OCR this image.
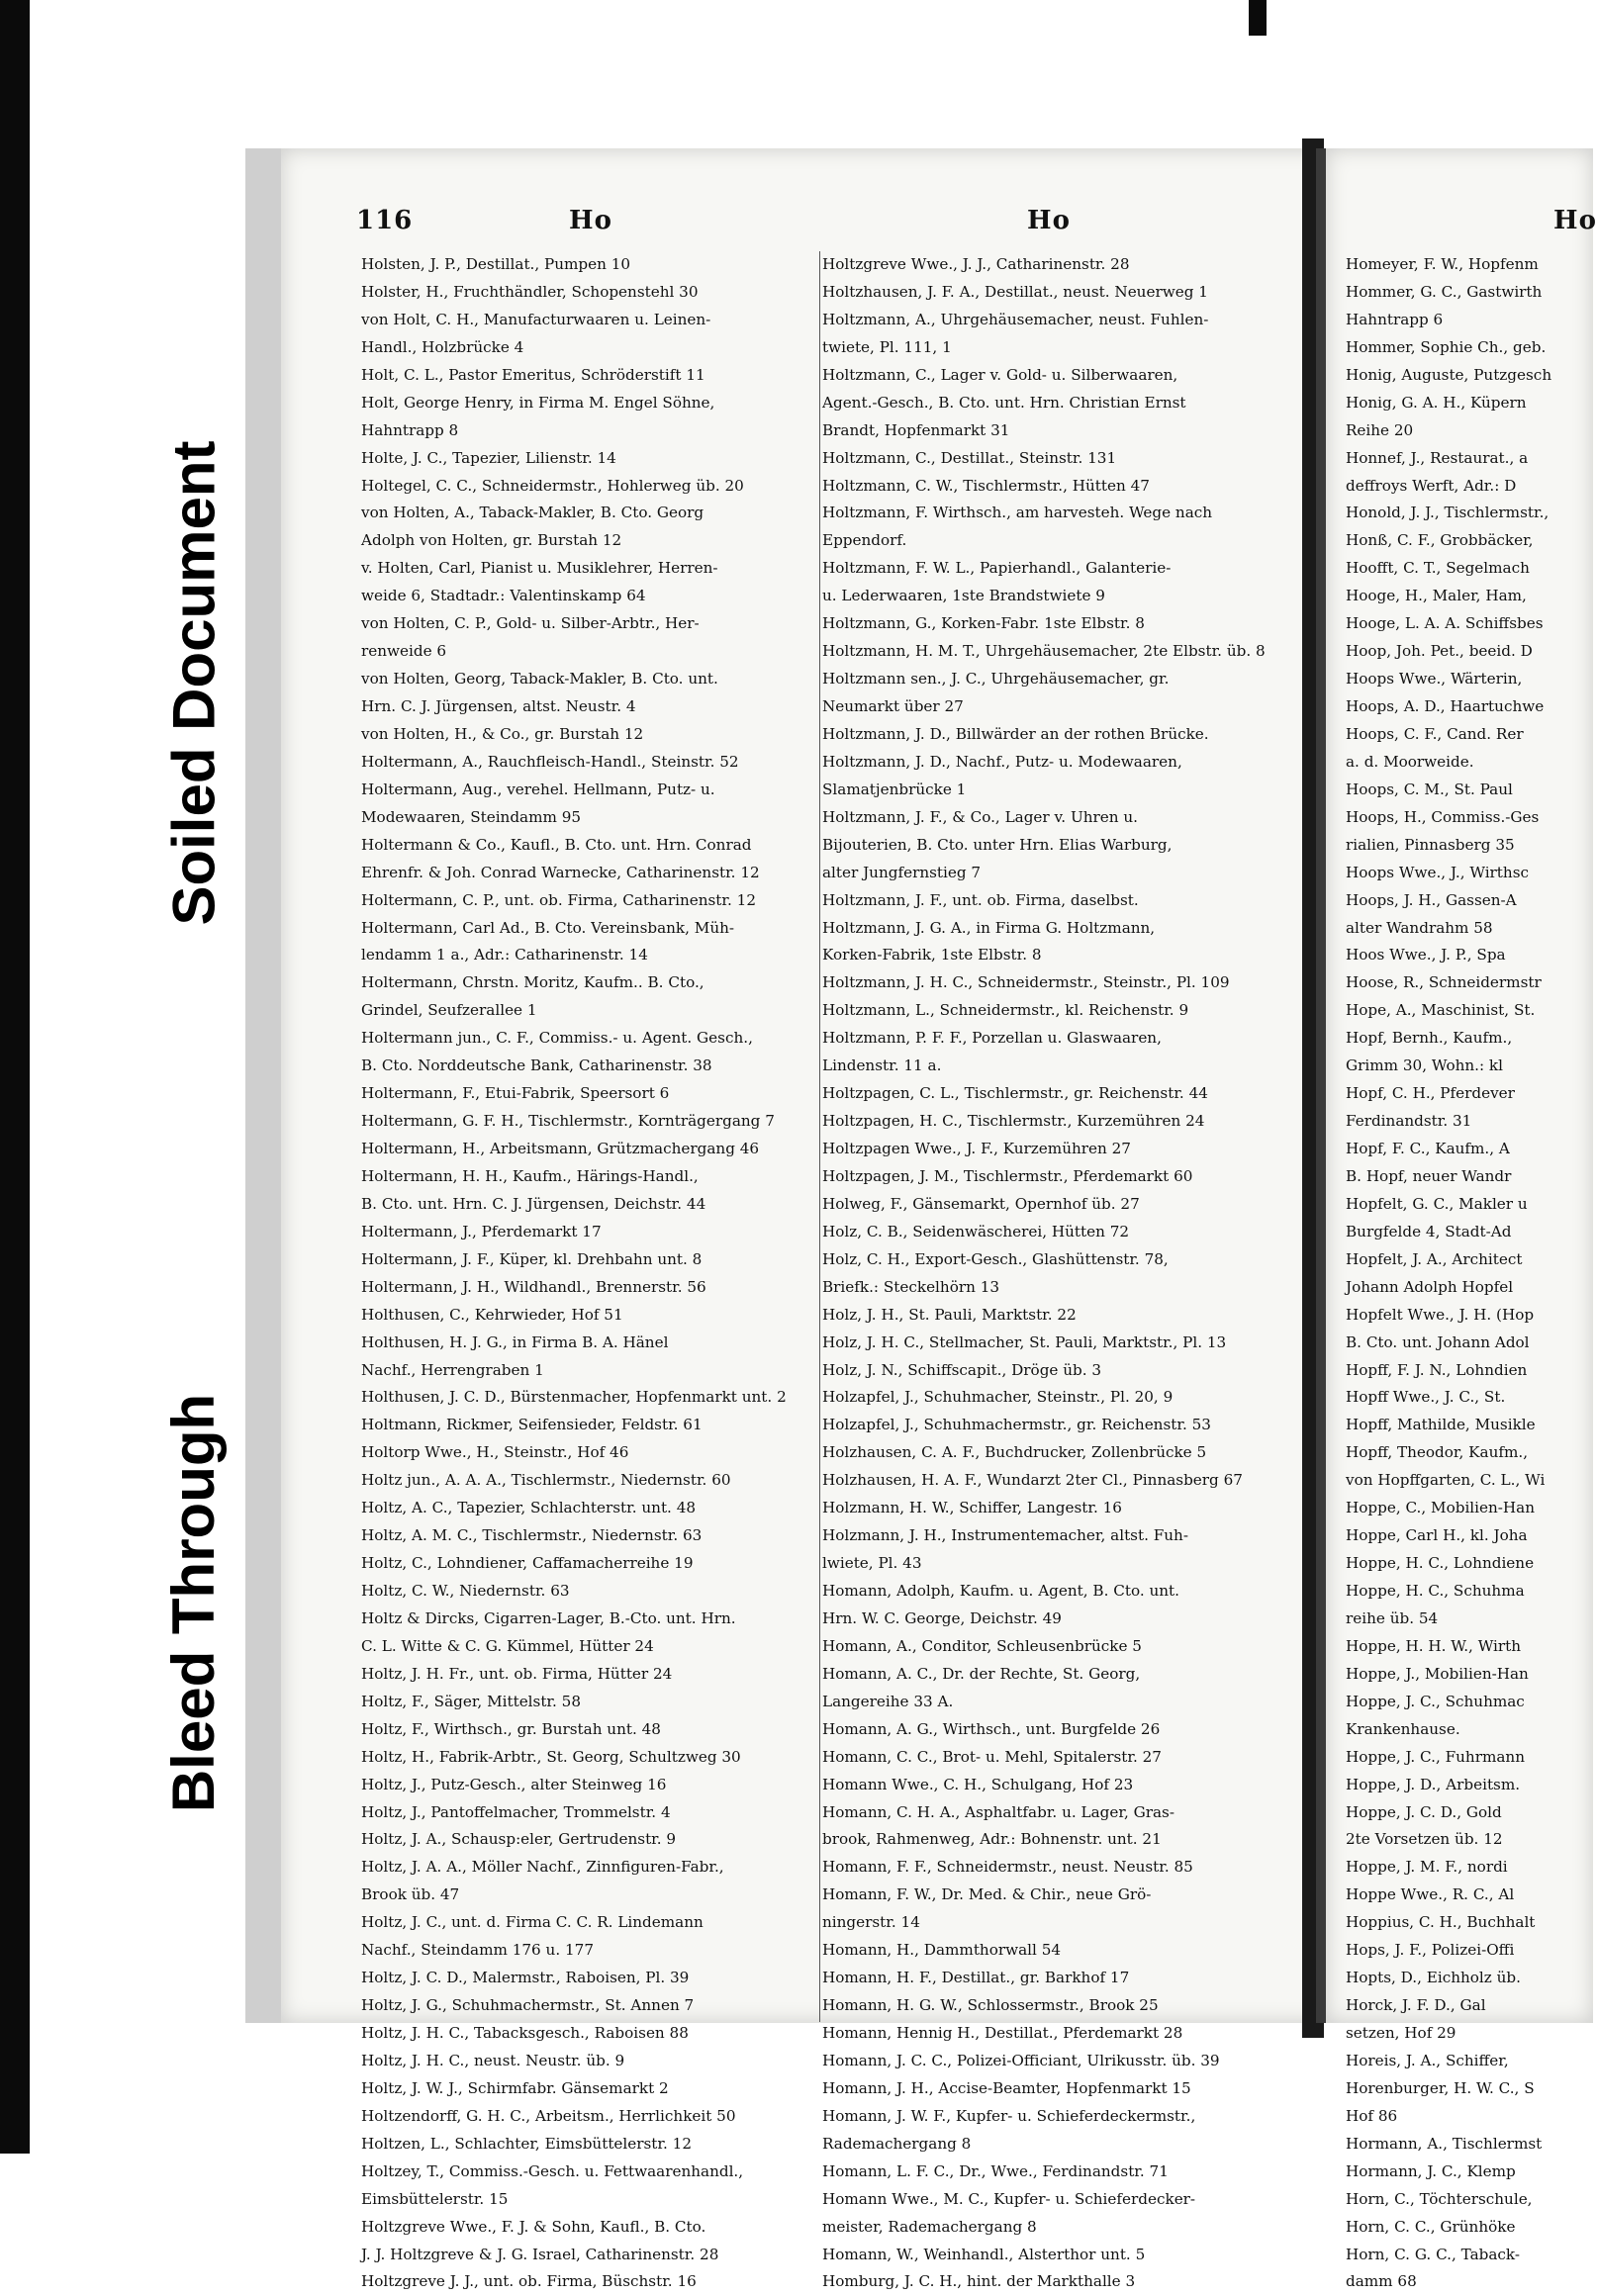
116	Ho	Ho	Ho
Holsten, J. P., Destillat., Pumpen 10
Holster, H., Fruchthändler, Schopenstehl 30
von Holt, C. H., Manufacturwaaren u. Leinen-
Handl., Holzbrücke 4
Holt, C. L., Pastor Emeritus, Schröderstift 11
Holt, George Henry, in Firma M. Engel Söhne,
Hahntrapp 8
Holte, J. C., Tapezier, Lilienstr. 14
Holtegel, C. C., Schneidermstr., Hohlerweg üb. 20
von Holten, A., Taback-Makler, B. Cto. Georg
Adolph von Holten, gr. Burstah 12
v. Holten, Carl, Pianist u. Musiklehrer, Herren-
weide 6, Stadtadr.: Valentinskamp 64
von Holten, C. P., Gold- u. Silber-Arbtr., Her-
renweide 6
von Holten, Georg, Taback-Makler, B. Cto. unt.
Hrn. C. J. Jürgensen, altst. Neustr. 4
von Holten, H., & Co., gr. Burstah 12
Holtermann, A., Rauchfleisch-Handl., Steinstr. 52
Holtermann, Aug., verehel. Hellmann, Putz- u.
Modewaaren, Steindamm 95
Holtermann & Co., Kaufl., B. Cto. unt. Hrn. Conrad
Ehrenfr. & Joh. Conrad Warnecke, Catharinenstr. 12
Holtermann, C. P., unt. ob. Firma, Catharinenstr. 12
Holtermann, Carl Ad., B. Cto. Vereinsbank, Müh-
lendamm 1 a., Adr.: Catharinenstr. 14
Holtermann, Chrstn. Moritz, Kaufm.. B. Cto.,
Grindel, Seufzerallee 1
Holtermann jun., C. F., Commiss.- u. Agent. Gesch.,
B. Cto. Norddeutsche Bank, Catharinenstr. 38
Holtermann, F., Etui-Fabrik, Speersort 6
Holtermann, G. F. H., Tischlermstr., Kornträgergang 7
Holtermann, H., Arbeitsmann, Grützmachergang 46
Holtermann, H. H., Kaufm., Härings-Handl.,
B. Cto. unt. Hrn. C. J. Jürgensen, Deichstr. 44
Holtermann, J., Pferdemarkt 17
Holtermann, J. F., Küper, kl. Drehbahn unt. 8
Holtermann, J. H., Wildhandl., Brennerstr. 56
Holthusen, C., Kehrwieder, Hof 51
Holthusen, H. J. G., in Firma B. A. Hänel
Nachf., Herrengraben 1
Holthusen, J. C. D., Bürstenmacher, Hopfenmarkt unt. 2
Holtmann, Rickmer, Seifensieder, Feldstr. 61
Holtorp Wwe., H., Steinstr., Hof 46
Holtz jun., A. A. A., Tischlermstr., Niedernstr. 60
Holtz, A. C., Tapezier, Schlachterstr. unt. 48
Holtz, A. M. C., Tischlermstr., Niedernstr. 63
Holtz, C., Lohndiener, Caffamacherreihe 19
Holtz, C. W., Niedernstr. 63
Holtz & Dircks, Cigarren-Lager, B.-Cto. unt. Hrn.
C. L. Witte & C. G. Kümmel, Hütter 24
Holtz, J. H. Fr., unt. ob. Firma, Hütter 24
Holtz, F., Säger, Mittelstr. 58
Holtz, F., Wirthsch., gr. Burstah unt. 48
Holtz, H., Fabrik-Arbtr., St. Georg, Schultzweg 30
Holtz, J., Putz-Gesch., alter Steinweg 16
Holtz, J., Pantoffelmacher, Trommelstr. 4
Holtz, J. A., Schausp:eler, Gertrudenstr. 9
Holtz, J. A. A., Möller Nachf., Zinnfiguren-Fabr.,
Brook üb. 47
Holtz, J. C., unt. d. Firma C. C. R. Lindemann
Nachf., Steindamm 176 u. 177
Holtz, J. C. D., Malermstr., Raboisen, Pl. 39
Holtz, J. G., Schuhmachermstr., St. Annen 7
Holtz, J. H. C., Tabacksgesch., Raboisen 88
Holtz, J. H. C., neust. Neustr. üb. 9
Holtz, J. W. J., Schirmfabr. Gänsemarkt 2
Holtzendorff, G. H. C., Arbeitsm., Herrlichkeit 50
Holtzen, L., Schlachter, Eimsbüttelerstr. 12
Holtzey, T., Commiss.-Gesch. u. Fettwaarenhandl.,
Eimsbüttelerstr. 15
Holtzgreve Wwe., F. J. & Sohn, Kaufl., B. Cto.
J. J. Holtzgreve & J. G. Israel, Catharinenstr. 28
Holtzgreve J. J., unt. ob. Firma, Büschstr. 16
Holtzgreve Wwe., J. J., Catharinenstr. 28
Holtzhausen, J. F. A., Destillat., neust. Neuerweg 1
Holtzmann, A., Uhrgehäusemacher, neust. Fuhlen-
twiete, Pl. 111, 1
Holtzmann, C., Lager v. Gold- u. Silberwaaren,
Agent.-Gesch., B. Cto. unt. Hrn. Christian Ernst
Brandt, Hopfenmarkt 31
Holtzmann, C., Destillat., Steinstr. 131
Holtzmann, C. W., Tischlermstr., Hütten 47
Holtzmann, F. Wirthsch., am harvesteh. Wege nach
Eppendorf.
Holtzmann, F. W. L., Papierhandl., Galanterie-
u. Lederwaaren, 1ste Brandstwiete 9
Holtzmann, G., Korken-Fabr. 1ste Elbstr. 8
Holtzmann, H. M. T., Uhrgehäusemacher, 2te Elbstr. üb. 8
Holtzmann sen., J. C., Uhrgehäusemacher, gr.
Neumarkt über 27
Holtzmann, J. D., Billwärder an der rothen Brücke.
Holtzmann, J. D., Nachf., Putz- u. Modewaaren,
Slamatjenbrücke 1
Holtzmann, J. F., & Co., Lager v. Uhren u.
Bijouterien, B. Cto. unter Hrn. Elias Warburg,
alter Jungfernstieg 7
Holtzmann, J. F., unt. ob. Firma, daselbst.
Holtzmann, J. G. A., in Firma G. Holtzmann,
Korken-Fabrik, 1ste Elbstr. 8
Holtzmann, J. H. C., Schneidermstr., Steinstr., Pl. 109
Holtzmann, L., Schneidermstr., kl. Reichenstr. 9
Holtzmann, P. F. F., Porzellan u. Glaswaaren,
Lindenstr. 11 a.
Holtzpagen, C. L., Tischlermstr., gr. Reichenstr. 44
Holtzpagen, H. C., Tischlermstr., Kurzemühren 24
Holtzpagen Wwe., J. F., Kurzemühren 27
Holtzpagen, J. M., Tischlermstr., Pferdemarkt 60
Holweg, F., Gänsemarkt, Opernhof üb. 27
Holz, C. B., Seidenwäscherei, Hütten 72
Holz, C. H., Export-Gesch., Glashüttenstr. 78,
Briefk.: Steckelhörn 13
Holz, J. H., St. Pauli, Marktstr. 22
Holz, J. H. C., Stellmacher, St. Pauli, Marktstr., Pl. 13
Holz, J. N., Schiffscapit., Dröge üb. 3
Holzapfel, J., Schuhmacher, Steinstr., Pl. 20, 9
Holzapfel, J., Schuhmachermstr., gr. Reichenstr. 53
Holzhausen, C. A. F., Buchdrucker, Zollenbrücke 5
Holzhausen, H. A. F., Wundarzt 2ter Cl., Pinnasberg 67
Holzmann, H. W., Schiffer, Langestr. 16
Holzmann, J. H., Instrumentemacher, altst. Fuh-
lwiete, Pl. 43
Homann, Adolph, Kaufm. u. Agent, B. Cto. unt.
Hrn. W. C. George, Deichstr. 49
Homann, A., Conditor, Schleusenbrücke 5
Homann, A. C., Dr. der Rechte, St. Georg,
Langereihe 33 A.
Homann, A. G., Wirthsch., unt. Burgfelde 26
Homann, C. C., Brot- u. Mehl, Spitalerstr. 27
Homann Wwe., C. H., Schulgang, Hof 23
Homann, C. H. A., Asphaltfabr. u. Lager, Gras-
brook, Rahmenweg, Adr.: Bohnenstr. unt. 21
Homann, F. F., Schneidermstr., neust. Neustr. 85
Homann, F. W., Dr. Med. & Chir., neue Grö-
ningerstr. 14
Homann, H., Dammthorwall 54
Homann, H. F., Destillat., gr. Barkhof 17
Homann, H. G. W., Schlossermstr., Brook 25
Homann, Hennig H., Destillat., Pferdemarkt 28
Homann, J. C. C., Polizei-Officiant, Ulrikusstr. üb. 39
Homann, J. H., Accise-Beamter, Hopfenmarkt 15
Homann, J. W. F., Kupfer- u. Schieferdeckermstr.,
Rademachergang 8
Homann, L. F. C., Dr., Wwe., Ferdinandstr. 71
Homann Wwe., M. C., Kupfer- u. Schieferdecker-
meister, Rademachergang 8
Homann, W., Weinhandl., Alsterthor unt. 5
Homburg, J. C. H., hint. der Markthalle 3
Homeyer, F. W., Hopfenm
Hommer, G. C., Gastwirth
Hahntrapp 6
Hommer, Sophie Ch., geb.
Honig, Auguste, Putzgesch
Honig, G. A. H., Küpern
Reihe 20
Honnef, J., Restaurat., a
deffroys Werft, Adr.: D
Honold, J. J., Tischlermstr.,
Honß, C. F., Grobbäcker,
Hoofft, C. T., Segelmach
Hooge, H., Maler, Ham,
Hooge, L. A. A. Schiffsbes
Hoop, Joh. Pet., beeid. D
Hoops Wwe., Wärterin,
Hoops, A. D., Haartuchwe
Hoops, C. F., Cand. Rer
a. d. Moorweide.
Hoops, C. M., St. Paul
Hoops, H., Commiss.-Ges
rialien, Pinnasberg 35
Hoops Wwe., J., Wirthsc
Hoops, J. H., Gassen-A
alter Wandrahm 58
Hoos Wwe., J. P., Spa
Hoose, R., Schneidermstr
Hope, A., Maschinist, St.
Hopf, Bernh., Kaufm.,
Grimm 30, Wohn.: kl
Hopf, C. H., Pferdever
Ferdinandstr. 31
Hopf, F. C., Kaufm., A
B. Hopf, neuer Wandr
Hopfelt, G. C., Makler u
Burgfelde 4, Stadt-Ad
Hopfelt, J. A., Architect
Johann Adolph Hopfel
Hopfelt Wwe., J. H. (Hop
B. Cto. unt. Johann Adol
Hopff, F. J. N., Lohndien
Hopff Wwe., J. C., St.
Hopff, Mathilde, Musikle
Hopff, Theodor, Kaufm.,
von Hopffgarten, C. L., Wi
Hoppe, C., Mobilien-Han
Hoppe, Carl H., kl. Joha
Hoppe, H. C., Lohndiene
Hoppe, H. C., Schuhma
reihe üb. 54
Hoppe, H. H. W., Wirth
Hoppe, J., Mobilien-Han
Hoppe, J. C., Schuhmac
Krankenhause.
Hoppe, J. C., Fuhrmann
Hoppe, J. D., Arbeitsm.
Hoppe, J. C. D., Gold
2te Vorsetzen üb. 12
Hoppe, J. M. F., nordi
Hoppe Wwe., R. C., Al
Hoppius, C. H., Buchhalt
Hops, J. F., Polizei-Offi
Hopts, D., Eichholz üb.
Horck, J. F. D., Gal
setzen, Hof 29
Horeis, J. A., Schiffer,
Horenburger, H. W. C., S
Hof 86
Hormann, A., Tischlermst
Hormann, J. C., Klemp
Horn, C., Töchterschule,
Horn, C. C., Grünhöke
Horn, C. G. C., Taback-
damm 68
Soiled Document
Bleed Through
